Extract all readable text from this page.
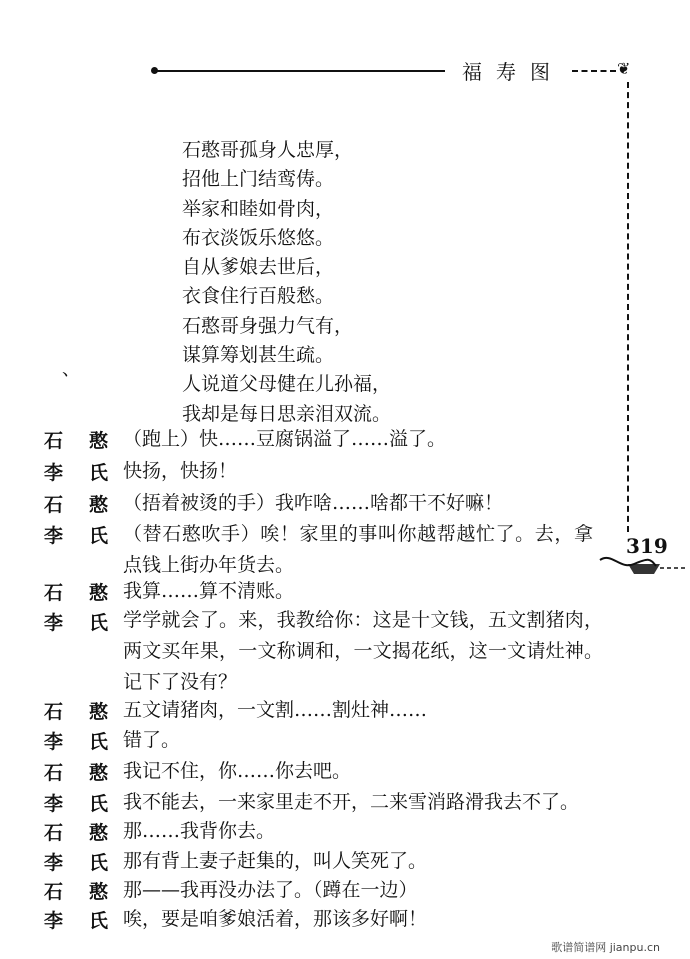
福寿图	❦
319
、
石憨哥孤身人忠厚，
招他上门结鸾俦。
举家和睦如骨肉，
布衣淡饭乐悠悠。
自从爹娘去世后，
衣食住行百般愁。
石憨哥身强力气有，
谋算筹划甚生疏。
人说道父母健在儿孙福，
我却是每日思亲泪双流。
石 憨 （跑上）快……豆腐锅溢了……溢了。
李 氏 快扬，快扬！
石 憨 （捂着被烫的手）我咋啥……啥都干不好嘛！
李 氏 （替石憨吹手）唉！家里的事叫你越帮越忙了。去，拿点钱上街办年货去。
石 憨 我算……算不清账。
李 氏 学学就会了。来，我教给你：这是十文钱，五文割猪肉，两文买年果，一文称调和，一文揭花纸，这一文请灶神。记下了没有？
石 憨 五文请猪肉，一文割……割灶神……
李 氏 错了。
石 憨 我记不住，你……你去吧。
李 氏 我不能去，一来家里走不开，二来雪消路滑我去不了。
石 憨 那……我背你去。
李 氏 那有背上妻子赶集的，叫人笑死了。
石 憨 那——我再没办法了。（蹲在一边）
李 氏 唉，要是咱爹娘活着，那该多好啊！
歌谱简谱网 jianpu.cn
